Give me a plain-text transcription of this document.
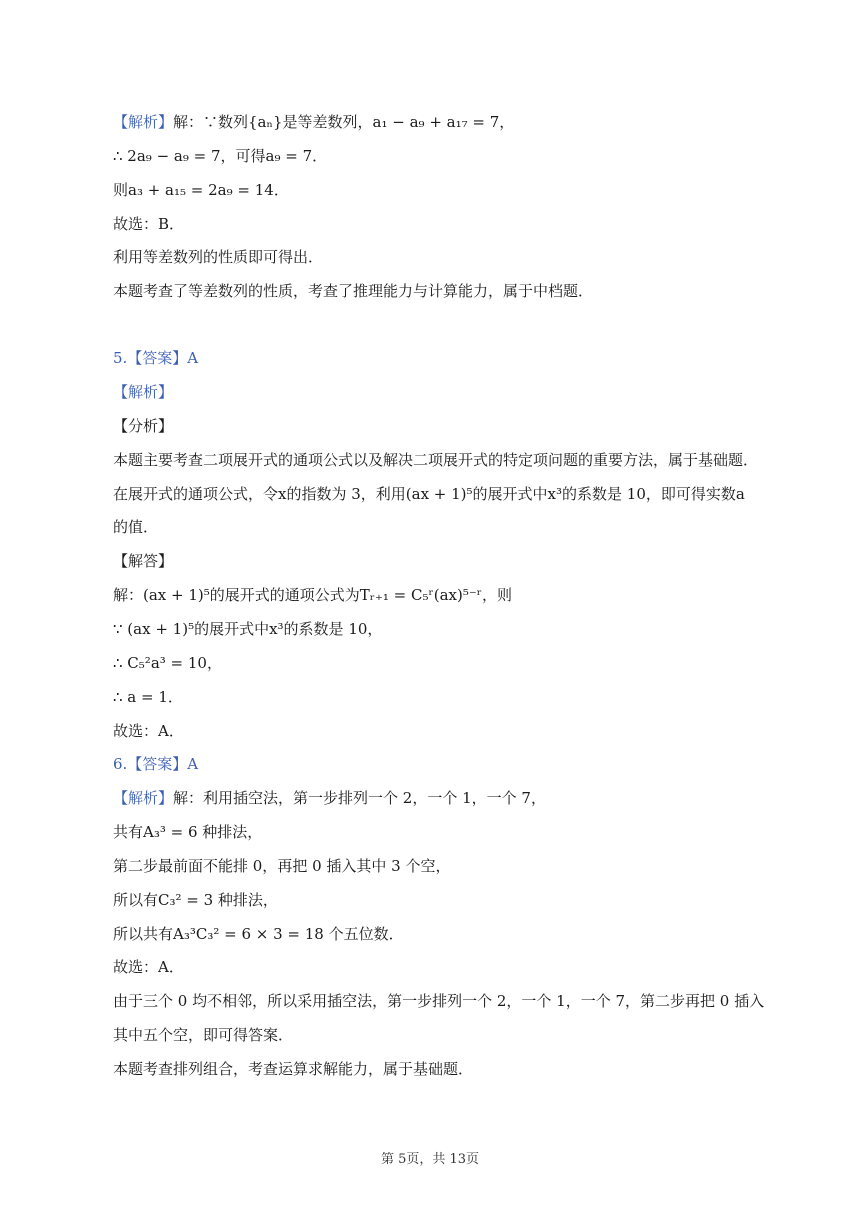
【解析】解：∵数列{aₙ}是等差数列，a₁ − a₉ + a₁₇ = 7，
∴ 2a₉ − a₉ = 7，可得a₉ = 7．
则a₃ + a₁₅ = 2a₉ = 14．
故选：B．
利用等差数列的性质即可得出．
本题考查了等差数列的性质，考查了推理能力与计算能力，属于中档题．
5.【答案】A
【解析】
【分析】
本题主要考查二项展开式的通项公式以及解决二项展开式的特定项问题的重要方法，属于基础题．
在展开式的通项公式，令x的指数为 3，利用(ax + 1)⁵的展开式中x³的系数是 10，即可得实数a
的值．
【解答】
解：(ax + 1)⁵的展开式的通项公式为Tᵣ₊₁ = C₅ʳ(ax)⁵⁻ʳ，则
∵ (ax + 1)⁵的展开式中x³的系数是 10，
∴ C₅²a³ = 10，
∴ a = 1．
故选：A．
6.【答案】A
【解析】解：利用插空法，第一步排列一个 2，一个 1，一个 7，
共有A₃³ = 6 种排法，
第二步最前面不能排 0，再把 0 插入其中 3 个空，
所以有C₃² = 3 种排法，
所以共有A₃³C₃² = 6 × 3 = 18 个五位数．
故选：A．
由于三个 0 均不相邻，所以采用插空法，第一步排列一个 2，一个 1，一个 7，第二步再把 0 插入
其中五个空，即可得答案．
本题考查排列组合，考查运算求解能力，属于基础题．
第 5页，共 13页
